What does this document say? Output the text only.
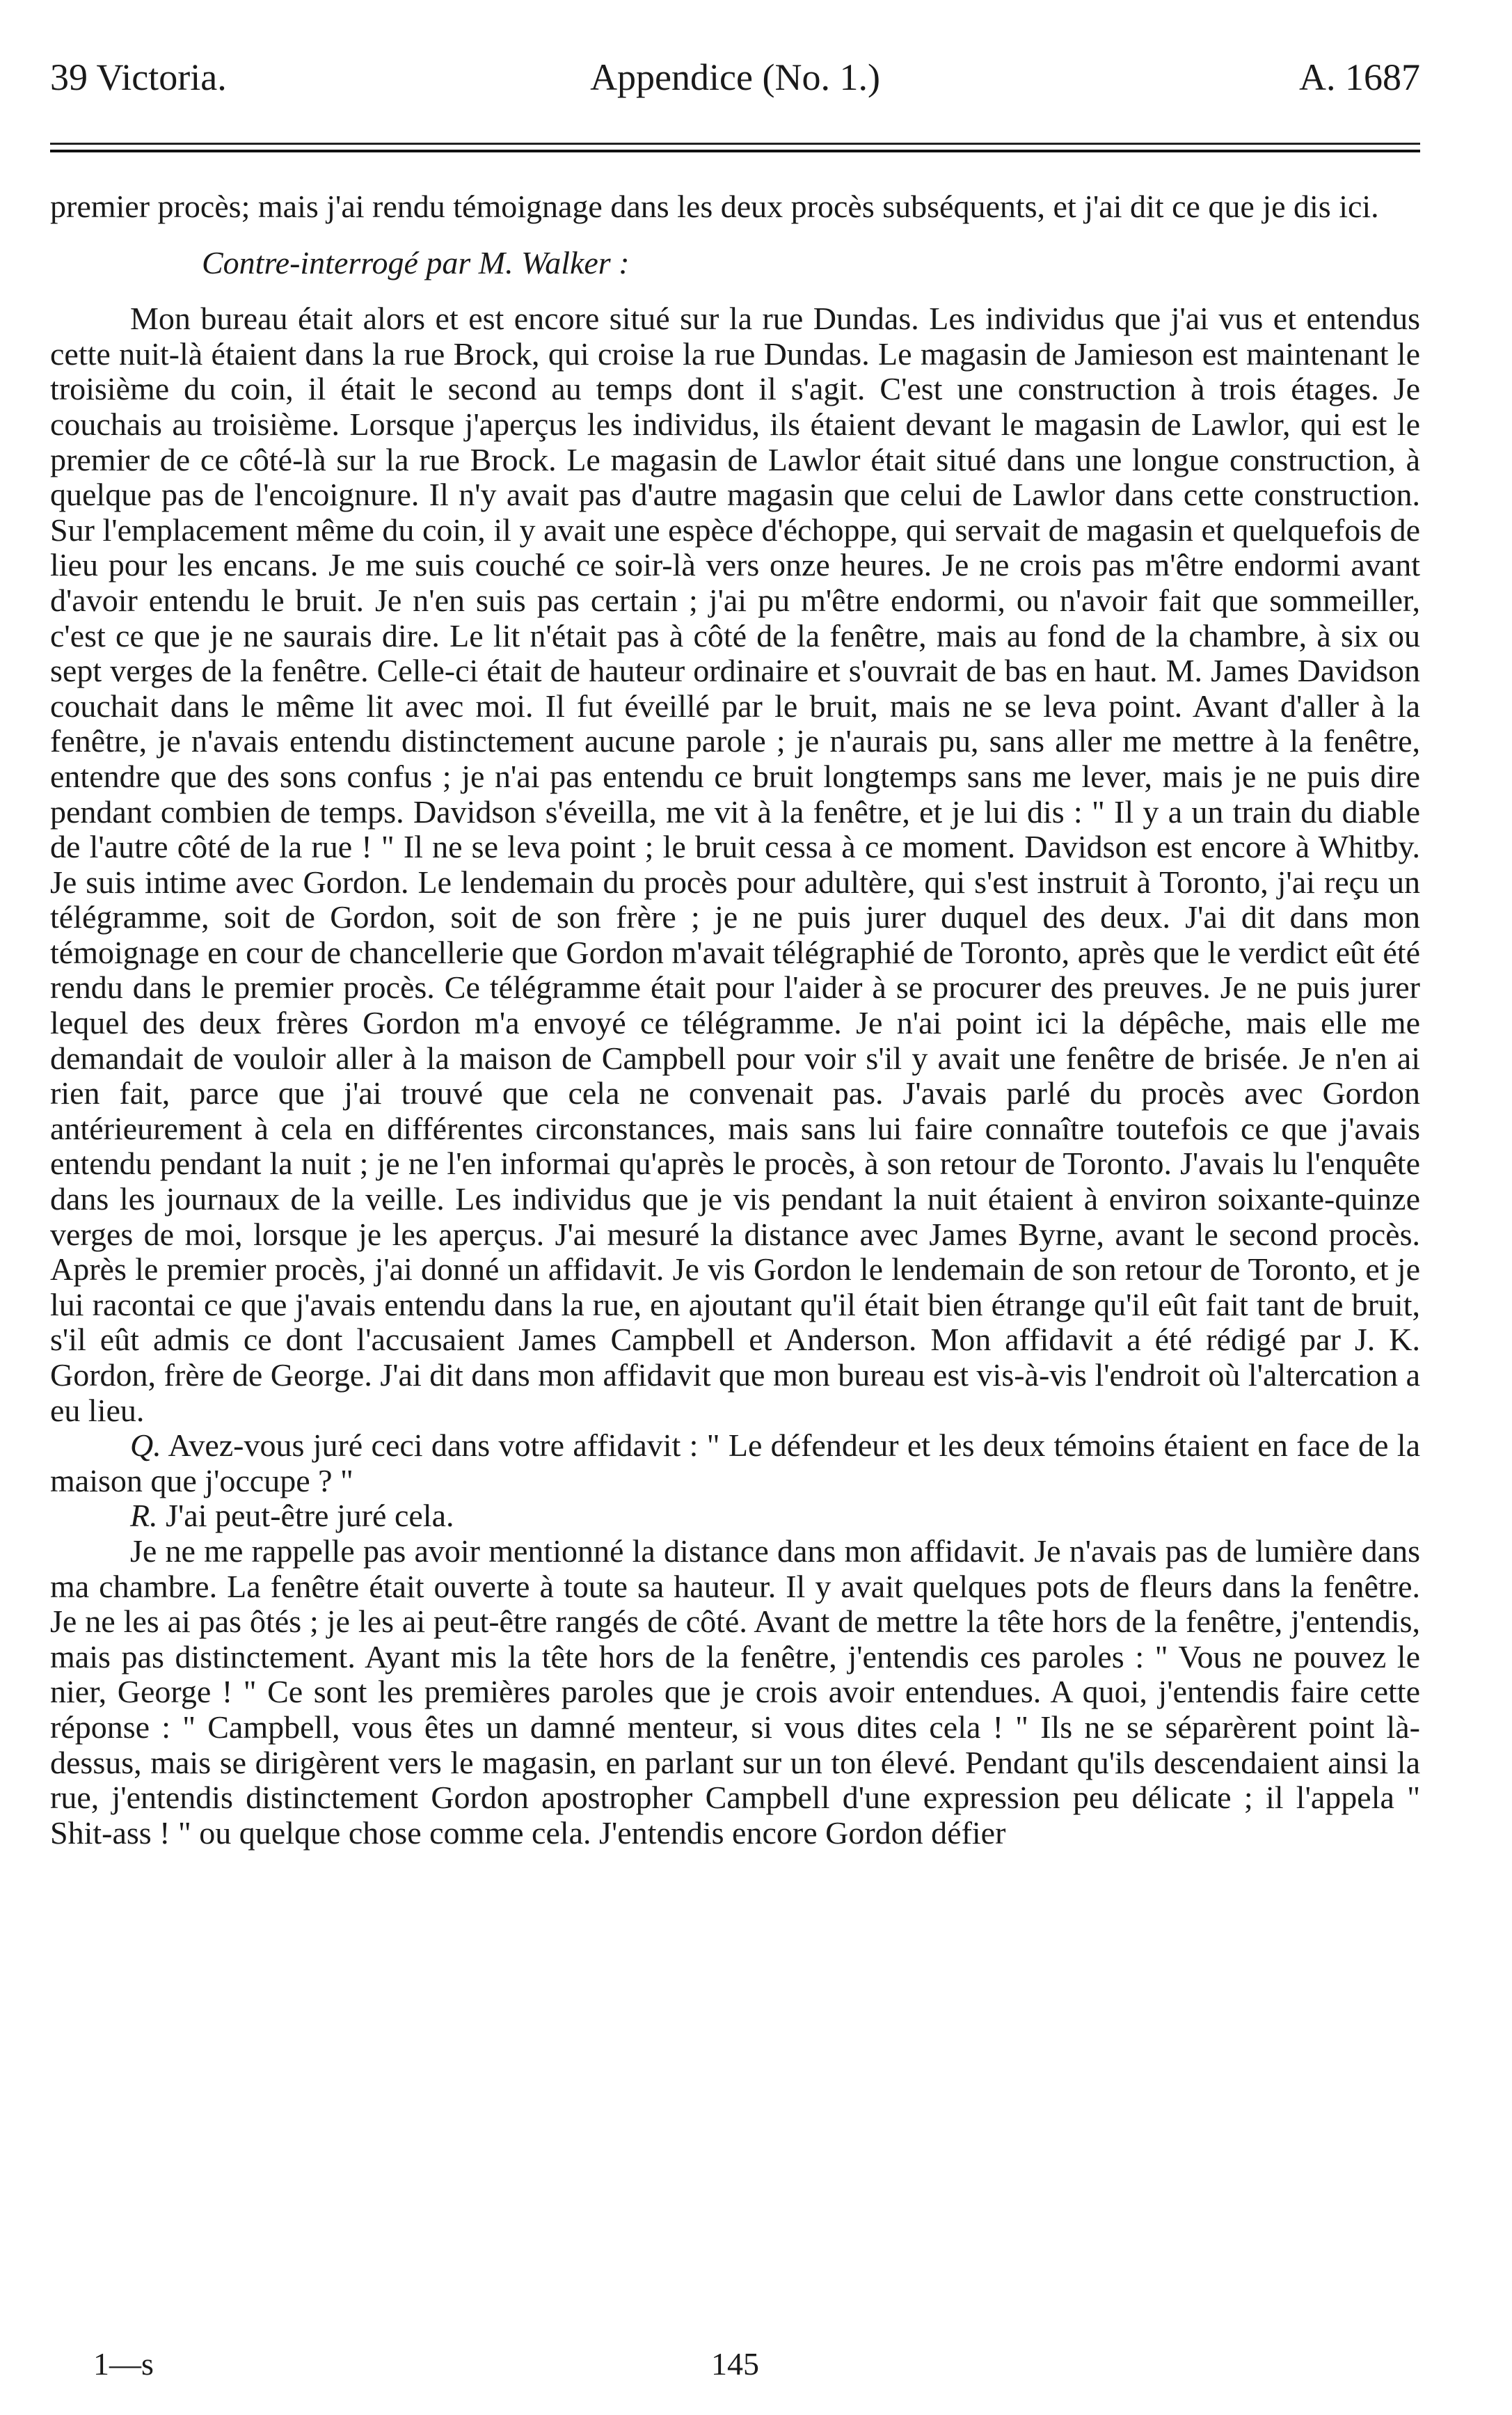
39 Victoria.	Appendice (No. 1.)	A. 1687

premier procès; mais j'ai rendu témoignage dans les deux procès subséquents, et j'ai dit ce que je dis ici.

Contre-interrogé par M. Walker :

Mon bureau était alors et est encore situé sur la rue Dundas. Les individus que j'ai vus et entendus cette nuit-là étaient dans la rue Brock, qui croise la rue Dundas. Le magasin de Jamieson est maintenant le troisième du coin, il était le second au temps dont il s'agit. C'est une construction à trois étages. Je couchais au troisième. Lorsque j'aperçus les individus, ils étaient devant le magasin de Lawlor, qui est le premier de ce côté-là sur la rue Brock. Le magasin de Lawlor était situé dans une longue construction, à quelque pas de l'encoignure. Il n'y avait pas d'autre magasin que celui de Lawlor dans cette construction. Sur l'emplacement même du coin, il y avait une espèce d'échoppe, qui servait de magasin et quelquefois de lieu pour les encans. Je me suis couché ce soir-là vers onze heures. Je ne crois pas m'être endormi avant d'avoir entendu le bruit. Je n'en suis pas certain ; j'ai pu m'être endormi, ou n'avoir fait que sommeiller, c'est ce que je ne saurais dire. Le lit n'était pas à côté de la fenêtre, mais au fond de la chambre, à six ou sept verges de la fenêtre. Celle-ci était de hauteur ordinaire et s'ouvrait de bas en haut. M. James Davidson couchait dans le même lit avec moi. Il fut éveillé par le bruit, mais ne se leva point. Avant d'aller à la fenêtre, je n'avais entendu distinctement aucune parole ; je n'aurais pu, sans aller me mettre à la fenêtre, entendre que des sons confus ; je n'ai pas entendu ce bruit longtemps sans me lever, mais je ne puis dire pendant combien de temps. Davidson s'éveilla, me vit à la fenêtre, et je lui dis : " Il y a un train du diable de l'autre côté de la rue ! " Il ne se leva point ; le bruit cessa à ce moment. Davidson est encore à Whitby. Je suis intime avec Gordon. Le lendemain du procès pour adultère, qui s'est instruit à Toronto, j'ai reçu un télégramme, soit de Gordon, soit de son frère ; je ne puis jurer duquel des deux. J'ai dit dans mon témoignage en cour de chancellerie que Gordon m'avait télégraphié de Toronto, après que le verdict eût été rendu dans le premier procès. Ce télégramme était pour l'aider à se procurer des preuves. Je ne puis jurer lequel des deux frères Gordon m'a envoyé ce télégramme. Je n'ai point ici la dépêche, mais elle me demandait de vouloir aller à la maison de Campbell pour voir s'il y avait une fenêtre de brisée. Je n'en ai rien fait, parce que j'ai trouvé que cela ne convenait pas. J'avais parlé du procès avec Gordon antérieurement à cela en différentes circonstances, mais sans lui faire connaître toutefois ce que j'avais entendu pendant la nuit ; je ne l'en informai qu'après le procès, à son retour de Toronto. J'avais lu l'enquête dans les journaux de la veille. Les individus que je vis pendant la nuit étaient à environ soixante-quinze verges de moi, lorsque je les aperçus. J'ai mesuré la distance avec James Byrne, avant le second procès. Après le premier procès, j'ai donné un affidavit. Je vis Gordon le lendemain de son retour de Toronto, et je lui racontai ce que j'avais entendu dans la rue, en ajoutant qu'il était bien étrange qu'il eût fait tant de bruit, s'il eût admis ce dont l'accusaient James Campbell et Anderson. Mon affidavit a été rédigé par J. K. Gordon, frère de George. J'ai dit dans mon affidavit que mon bureau est vis-à-vis l'endroit où l'altercation a eu lieu.

Q. Avez-vous juré ceci dans votre affidavit : " Le défendeur et les deux témoins étaient en face de la maison que j'occupe ? "

R. J'ai peut-être juré cela.

Je ne me rappelle pas avoir mentionné la distance dans mon affidavit. Je n'avais pas de lumière dans ma chambre. La fenêtre était ouverte à toute sa hauteur. Il y avait quelques pots de fleurs dans la fenêtre. Je ne les ai pas ôtés ; je les ai peut-être rangés de côté. Avant de mettre la tête hors de la fenêtre, j'entendis, mais pas distinctement. Ayant mis la tête hors de la fenêtre, j'entendis ces paroles : " Vous ne pouvez le nier, George ! " Ce sont les premières paroles que je crois avoir entendues. A quoi, j'entendis faire cette réponse : " Campbell, vous êtes un damné menteur, si vous dites cela ! " Ils ne se séparèrent point là-dessus, mais se dirigèrent vers le magasin, en parlant sur un ton élevé. Pendant qu'ils descendaient ainsi la rue, j'entendis distinctement Gordon apostropher Campbell d'une expression peu délicate ; il l'appela " Shit-ass ! " ou quelque chose comme cela. J'entendis encore Gordon défier

1—s	145
